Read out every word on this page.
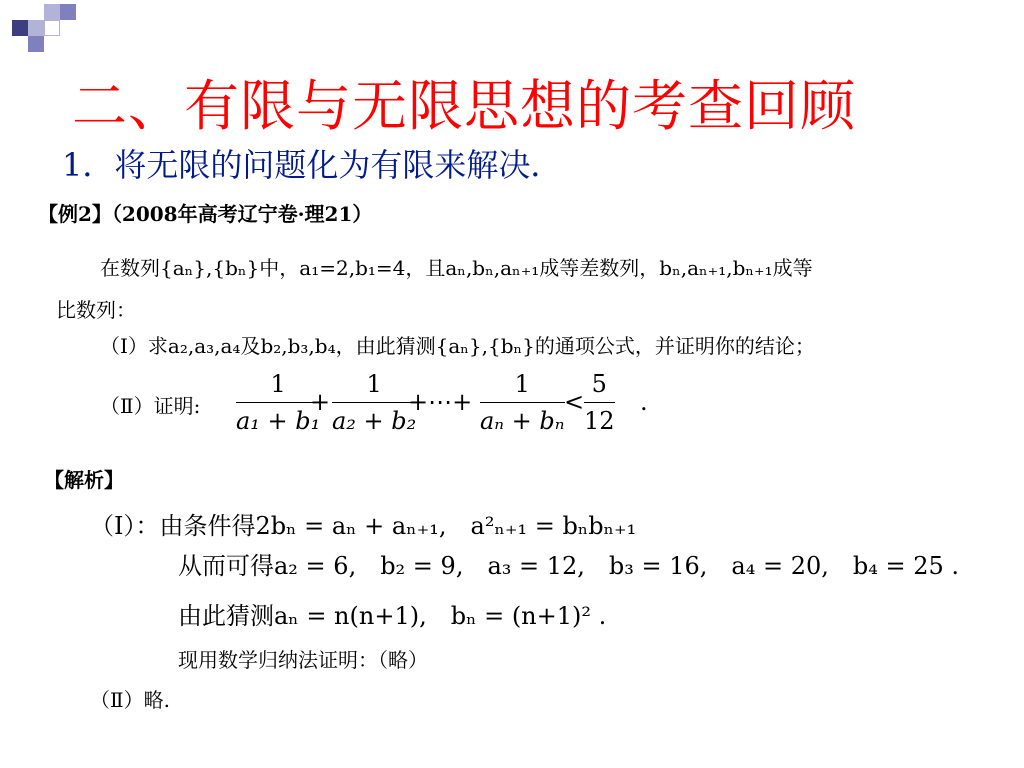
二、有限与无限思想的考查回顾
1．将无限的问题化为有限来解决．
【例2】（2008年高考辽宁卷·理21）
在数列{aₙ},{bₙ}中，a₁=2,b₁=4，且aₙ,bₙ,aₙ₊₁成等差数列，bₙ,aₙ₊₁,bₙ₊₁成等
比数列：
（Ⅰ）求a₂,a₃,a₄及b₂,b₃,b₄，由此猜测{aₙ},{bₙ}的通项公式，并证明你的结论；
（Ⅱ）证明: $\frac{1}{\text{a₁ + b₁}}$
+ $\frac{1}{\text{a₂ + b₂}}$
+⋯+ $\frac{1}{\text{aₙ + bₙ}} < \frac{5}{12}$ .
【解析】
（Ⅰ）：由条件得2bₙ = aₙ + aₙ₊₁,　a²ₙ₊₁ = bₙbₙ₊₁
从而可得a₂ = 6,　b₂ = 9,　a₃ = 12,　b₃ = 16,　a₄ = 20,　b₄ = 25 .
由此猜测aₙ = n(n+1),　bₙ = (n+1)² .
现用数学归纳法证明：（略）
（Ⅱ）略.
